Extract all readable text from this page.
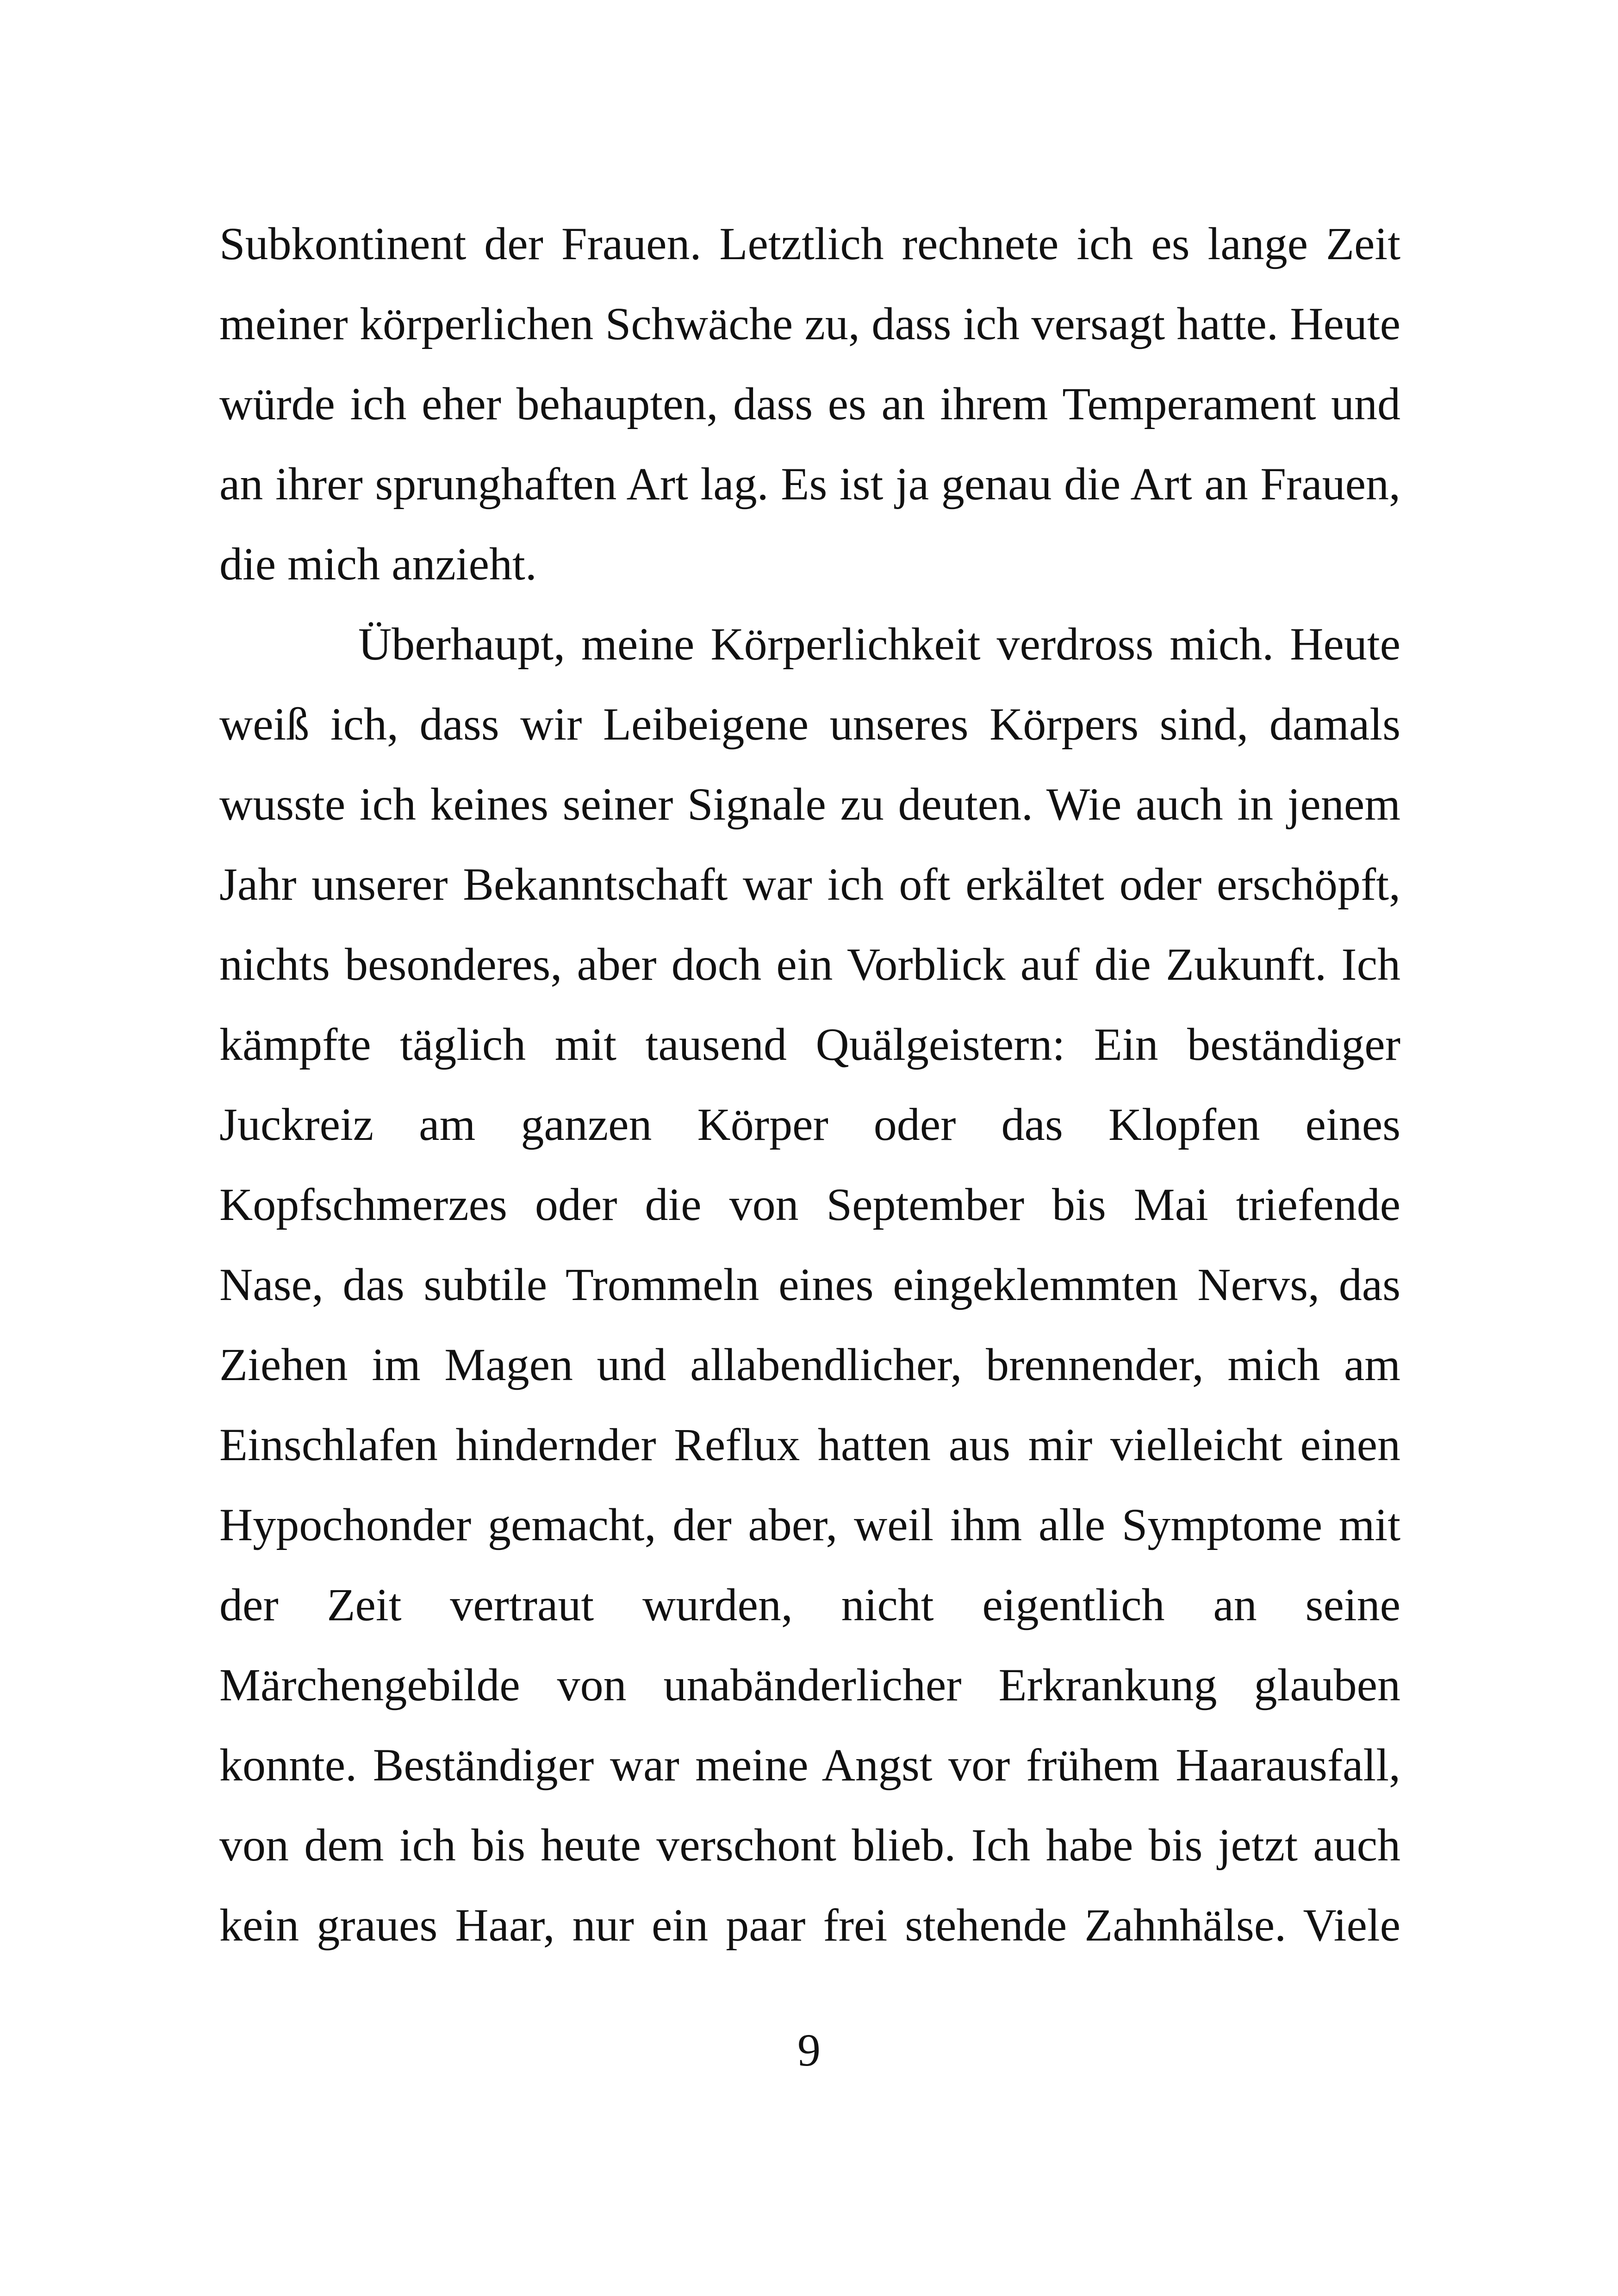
Subkontinent der Frauen. Letztlich rechnete ich es lange Zeit
meiner körperlichen Schwäche zu, dass ich versagt hatte. Heute
würde ich eher behaupten, dass es an ihrem Temperament und
an ihrer sprunghaften Art lag. Es ist ja genau die Art an Frauen,
die mich anzieht.
Überhaupt, meine Körperlichkeit verdross mich. Heute
weiß ich, dass wir Leibeigene unseres Körpers sind, damals
wusste ich keines seiner Signale zu deuten. Wie auch in jenem
Jahr unserer Bekanntschaft war ich oft erkältet oder erschöpft,
nichts besonderes, aber doch ein Vorblick auf die Zukunft. Ich
kämpfte täglich mit tausend Quälgeistern: Ein beständiger
Juckreiz am ganzen Körper oder das Klopfen eines
Kopfschmerzes oder die von September bis Mai triefende
Nase, das subtile Trommeln eines eingeklemmten Nervs, das
Ziehen im Magen und allabendlicher, brennender, mich am
Einschlafen hindernder Reflux hatten aus mir vielleicht einen
Hypochonder gemacht, der aber, weil ihm alle Symptome mit
der Zeit vertraut wurden, nicht eigentlich an seine
Märchengebilde von unabänderlicher Erkrankung glauben
konnte. Beständiger war meine Angst vor frühem Haarausfall,
von dem ich bis heute verschont blieb. Ich habe bis jetzt auch
kein graues Haar, nur ein paar frei stehende Zahnhälse. Viele
9
